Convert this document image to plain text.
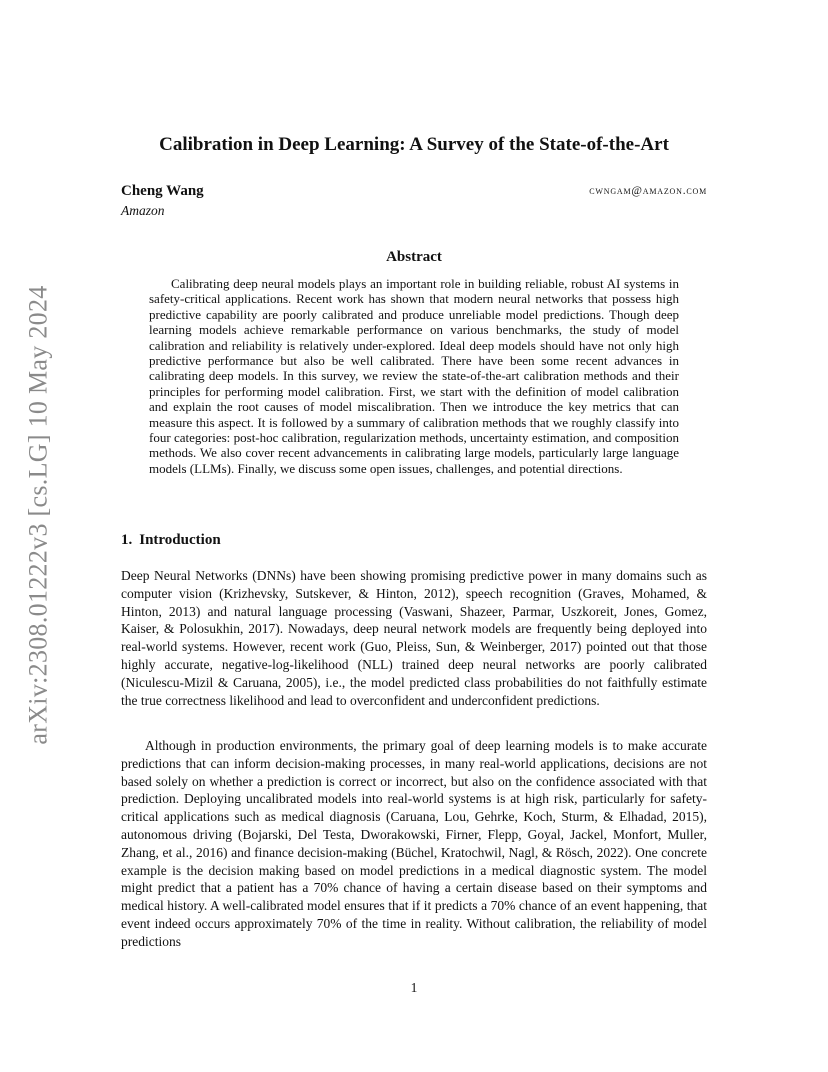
arXiv:2308.01222v3 [cs.LG] 10 May 2024
Calibration in Deep Learning: A Survey of the State-of-the-Art
Cheng Wang	cwngam@amazon.com
Amazon
Abstract

Calibrating deep neural models plays an important role in building reliable, robust AI systems in safety-critical applications. Recent work has shown that modern neural networks that possess high predictive capability are poorly calibrated and produce unreliable model predictions. Though deep learning models achieve remarkable performance on various benchmarks, the study of model calibration and reliability is relatively under-explored. Ideal deep models should have not only high predictive performance but also be well calibrated. There have been some recent advances in calibrating deep models. In this survey, we review the state-of-the-art calibration methods and their principles for performing model calibration. First, we start with the definition of model calibration and explain the root causes of model miscalibration. Then we introduce the key metrics that can measure this aspect. It is followed by a summary of calibration methods that we roughly classify into four categories: post-hoc calibration, regularization methods, uncertainty estimation, and composition methods. We also cover recent advancements in calibrating large models, particularly large language models (LLMs). Finally, we discuss some open issues, challenges, and potential directions.

1. Introduction

Deep Neural Networks (DNNs) have been showing promising predictive power in many domains such as computer vision (Krizhevsky, Sutskever, & Hinton, 2012), speech recognition (Graves, Mohamed, & Hinton, 2013) and natural language processing (Vaswani, Shazeer, Parmar, Uszkoreit, Jones, Gomez, Kaiser, & Polosukhin, 2017). Nowadays, deep neural network models are frequently being deployed into real-world systems. However, recent work (Guo, Pleiss, Sun, & Weinberger, 2017) pointed out that those highly accurate, negative-log-likelihood (NLL) trained deep neural networks are poorly calibrated (Niculescu-Mizil & Caruana, 2005), i.e., the model predicted class probabilities do not faithfully estimate the true correctness likelihood and lead to overconfident and underconfident predictions.

Although in production environments, the primary goal of deep learning models is to make accurate predictions that can inform decision-making processes, in many real-world applications, decisions are not based solely on whether a prediction is correct or incorrect, but also on the confidence associated with that prediction. Deploying uncalibrated models into real-world systems is at high risk, particularly for safety-critical applications such as medical diagnosis (Caruana, Lou, Gehrke, Koch, Sturm, & Elhadad, 2015), autonomous driving (Bojarski, Del Testa, Dworakowski, Firner, Flepp, Goyal, Jackel, Monfort, Muller, Zhang, et al., 2016) and finance decision-making (Büchel, Kratochwil, Nagl, & Rösch, 2022). One concrete example is the decision making based on model predictions in a medical diagnostic system. The model might predict that a patient has a 70% chance of having a certain disease based on their symptoms and medical history. A well-calibrated model ensures that if it predicts a 70% chance of an event happening, that event indeed occurs approximately 70% of the time in reality. Without calibration, the reliability of model predictions

1
